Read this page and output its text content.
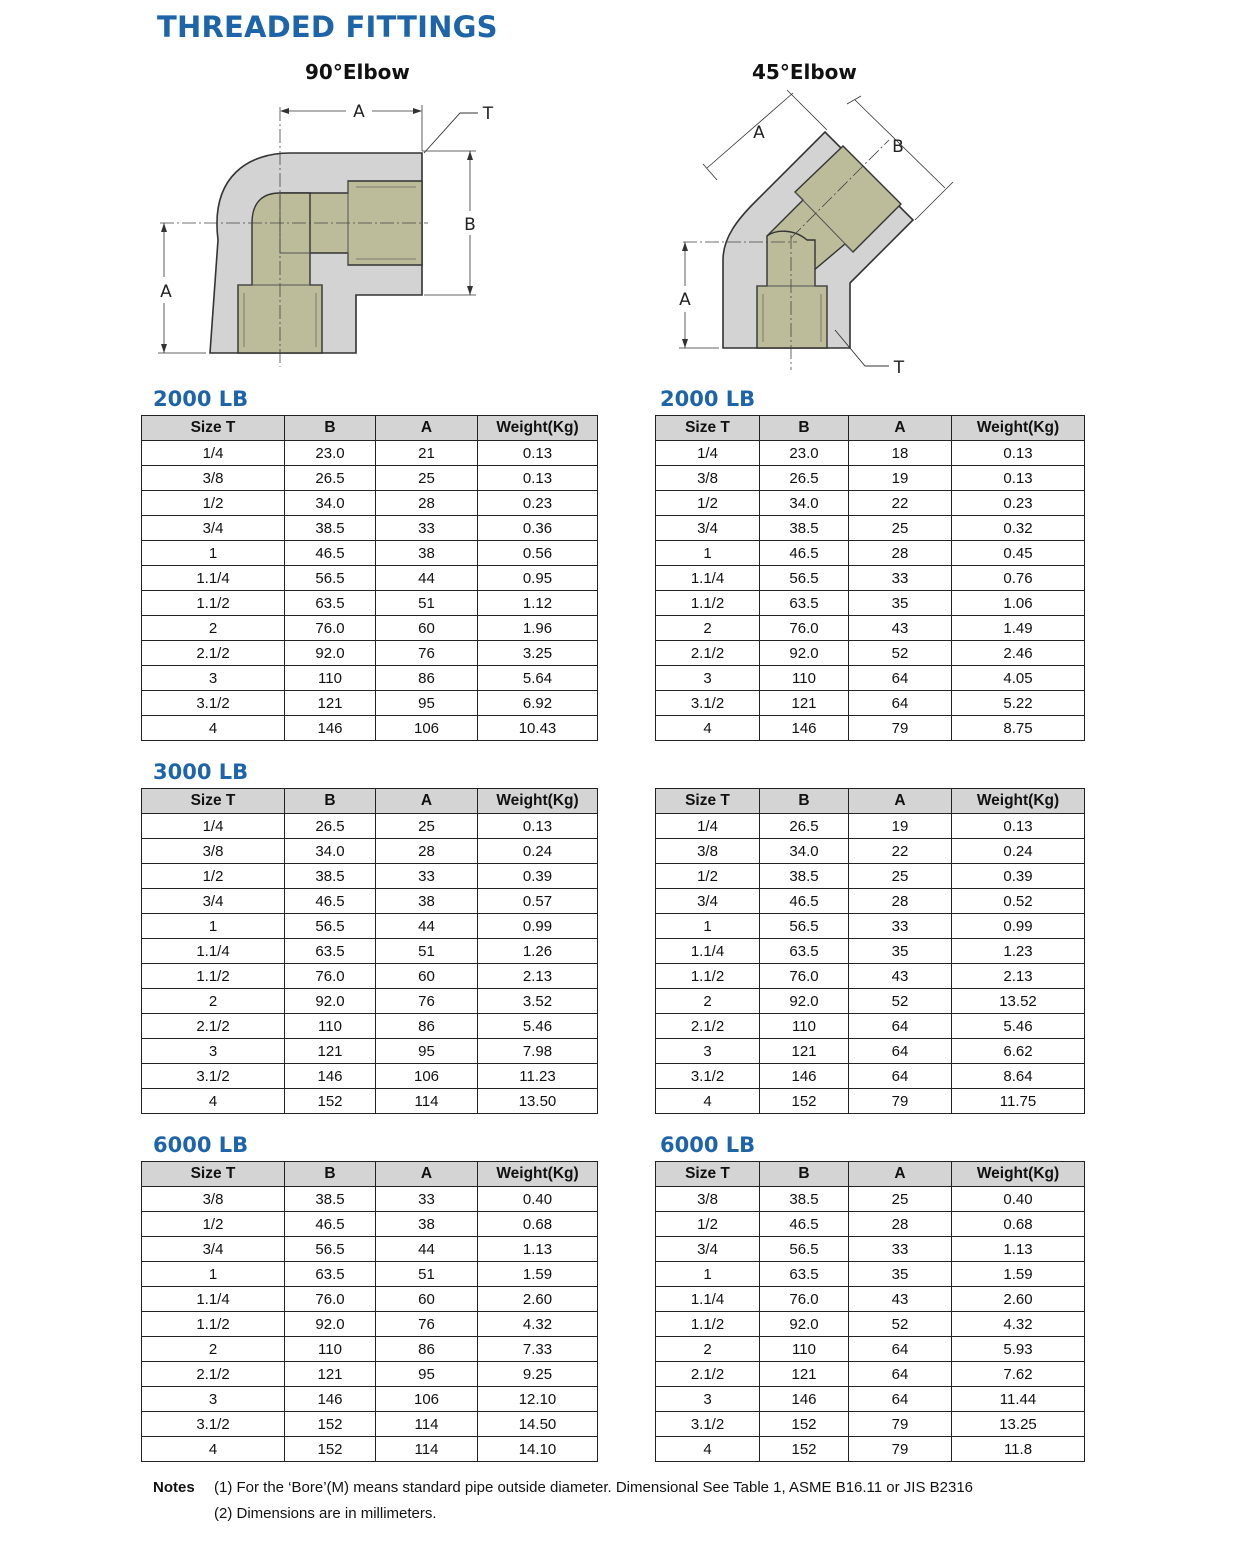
THREADED FITTINGS
90°Elbow
A
A
B
T
45°Elbow
A
B
A
T
2000 LB	2000 LB
3000 LB
6000 LB	6000 LB
Size T	B	A	Weight(Kg)
1/4	23.0	21	0.13
3/8	26.5	25	0.13
1/2	34.0	28	0.23
3/4	38.5	33	0.36
1	46.5	38	0.56
1.1/4	56.5	44	0.95
1.1/2	63.5	51	1.12
2	76.0	60	1.96
2.1/2	92.0	76	3.25
3	110	86	5.64
3.1/2	121	95	6.92
4	146	106	10.43
Size T	B	A	Weight(Kg)
1/4	23.0	18	0.13
3/8	26.5	19	0.13
1/2	34.0	22	0.23
3/4	38.5	25	0.32
1	46.5	28	0.45
1.1/4	56.5	33	0.76
1.1/2	63.5	35	1.06
2	76.0	43	1.49
2.1/2	92.0	52	2.46
3	110	64	4.05
3.1/2	121	64	5.22
4	146	79	8.75
Size T	B	A	Weight(Kg)
1/4	26.5	25	0.13
3/8	34.0	28	0.24
1/2	38.5	33	0.39
3/4	46.5	38	0.57
1	56.5	44	0.99
1.1/4	63.5	51	1.26
1.1/2	76.0	60	2.13
2	92.0	76	3.52
2.1/2	110	86	5.46
3	121	95	7.98
3.1/2	146	106	11.23
4	152	114	13.50
Size T	B	A	Weight(Kg)
1/4	26.5	19	0.13
3/8	34.0	22	0.24
1/2	38.5	25	0.39
3/4	46.5	28	0.52
1	56.5	33	0.99
1.1/4	63.5	35	1.23
1.1/2	76.0	43	2.13
2	92.0	52	13.52
2.1/2	110	64	5.46
3	121	64	6.62
3.1/2	146	64	8.64
4	152	79	11.75
Size T	B	A	Weight(Kg)
3/8	38.5	33	0.40
1/2	46.5	38	0.68
3/4	56.5	44	1.13
1	63.5	51	1.59
1.1/4	76.0	60	2.60
1.1/2	92.0	76	4.32
2	110	86	7.33
2.1/2	121	95	9.25
3	146	106	12.10
3.1/2	152	114	14.50
4	152	114	14.10
Size T	B	A	Weight(Kg)
3/8	38.5	25	0.40
1/2	46.5	28	0.68
3/4	56.5	33	1.13
1	63.5	35	1.59
1.1/4	76.0	43	2.60
1.1/2	92.0	52	4.32
2	110	64	5.93
2.1/2	121	64	7.62
3	146	64	11.44
3.1/2	152	79	13.25
4	152	79	11.8
Notes (1) For the ‘Bore’(M) means standard pipe outside diameter. Dimensional See Table 1, ASME B16.11 or JIS B2316
(2) Dimensions are in millimeters.
